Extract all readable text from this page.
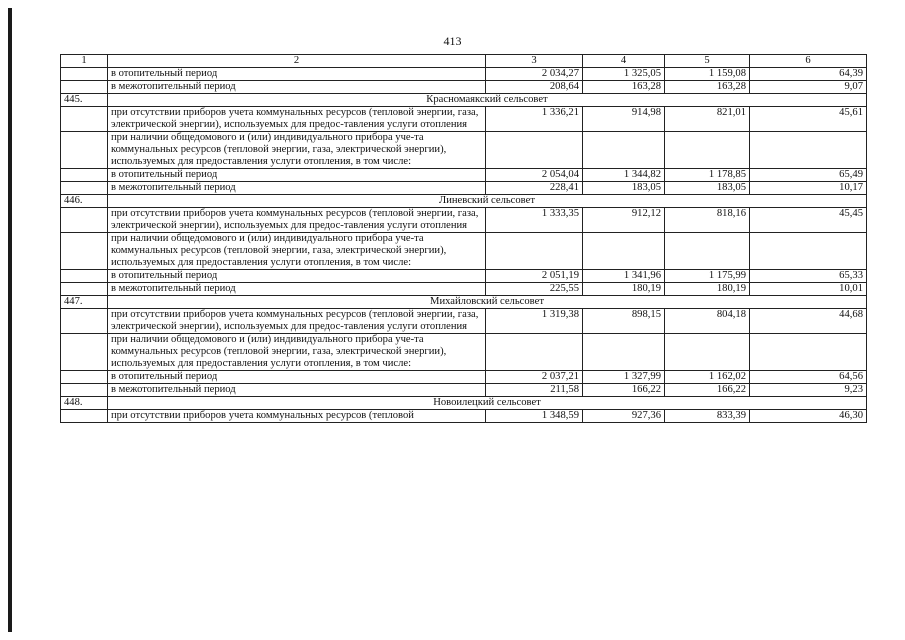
413
1	2	3	4	5	6
	в отопительный период	2 034,27	1 325,05	1 159,08	64,39
	в межотопительный период	208,64	163,28	163,28	9,07
445.	Красномаякский сельсовет				
	при отсутствии приборов учета коммунальных ресурсов (тепловой энергии, газа, электрической энергии), используемых для предос-тавления услуги отопления	1 336,21	914,98	821,01	45,61
	при наличии общедомового и (или) индивидуального прибора уче-та коммунальных ресурсов (тепловой энергии, газа, электрической энергии), используемых для предоставления услуги отопления, в том числе:				
	в отопительный период	2 054,04	1 344,82	1 178,85	65,49
	в межотопительный период	228,41	183,05	183,05	10,17
446.	Линевский сельсовет				
	при отсутствии приборов учета коммунальных ресурсов (тепловой энергии, газа, электрической энергии), используемых для предос-тавления услуги отопления	1 333,35	912,12	818,16	45,45
	при наличии общедомового и (или) индивидуального прибора уче-та коммунальных ресурсов (тепловой энергии, газа, электрической энергии), используемых для предоставления услуги отопления, в том числе:				
	в отопительный период	2 051,19	1 341,96	1 175,99	65,33
	в межотопительный период	225,55	180,19	180,19	10,01
447.	Михайловский сельсовет				
	при отсутствии приборов учета коммунальных ресурсов (тепловой энергии, газа, электрической энергии), используемых для предос-тавления услуги отопления	1 319,38	898,15	804,18	44,68
	при наличии общедомового и (или) индивидуального прибора уче-та коммунальных ресурсов (тепловой энергии, газа, электрической энергии), используемых для предоставления услуги отопления, в том числе:				
	в отопительный период	2 037,21	1 327,99	1 162,02	64,56
	в межотопительный период	211,58	166,22	166,22	9,23
448.	Новоилецкий сельсовет				
	при отсутствии приборов учета коммунальных ресурсов (тепловой	1 348,59	927,36	833,39	46,30
